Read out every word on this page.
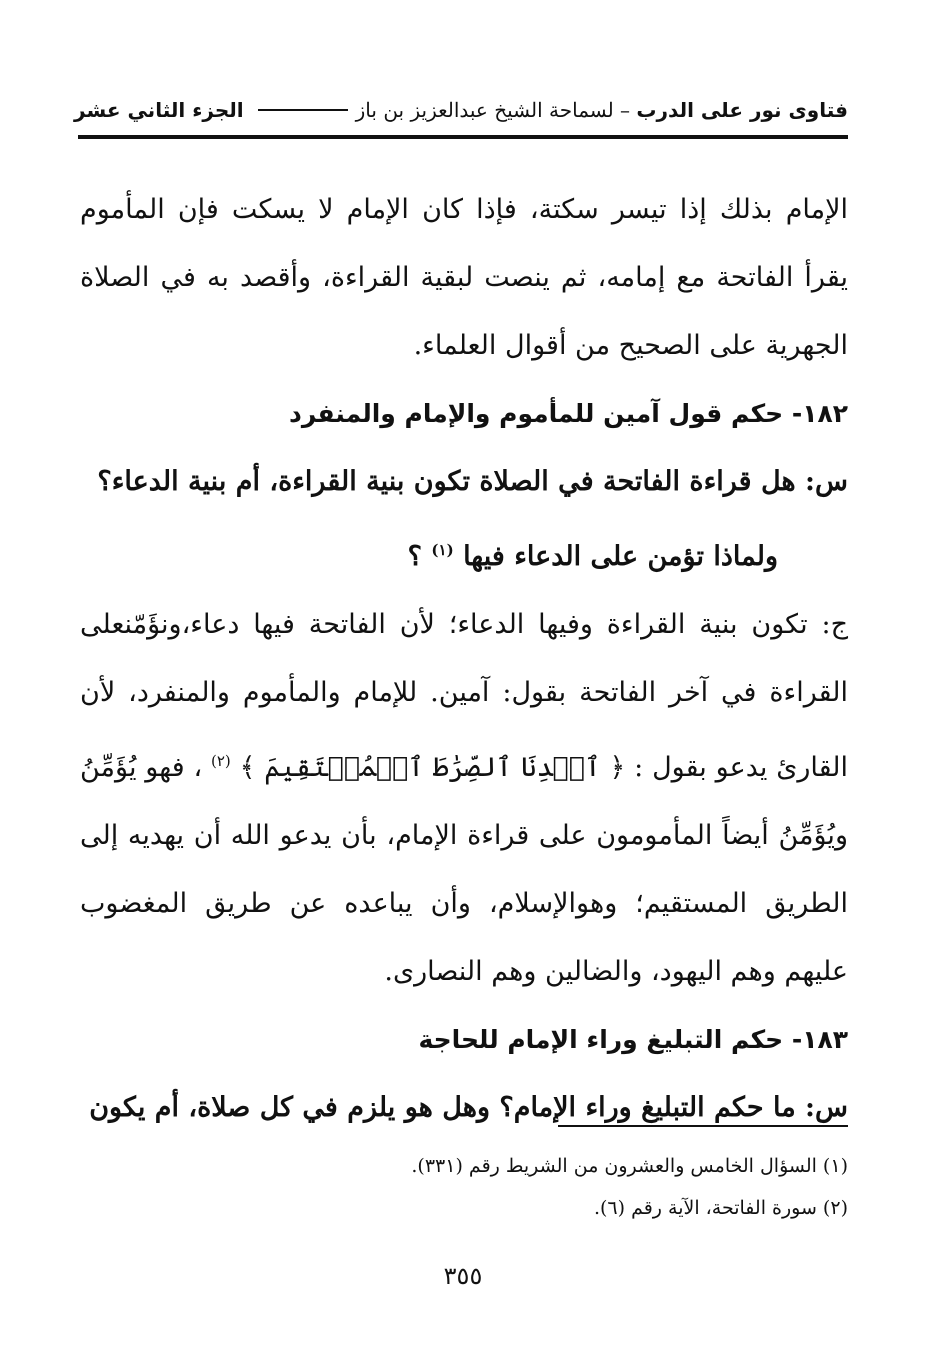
فتاوى نور على الدرب – لسماحة الشيخ عبدالعزيز بن باز
الجزء الثاني عشر

الإمام بذلك إذا تيسر سكتة، فإذا كان الإمام لا يسكت فإن المأموم يقرأ الفاتحة مع إمامه، ثم ينصت لبقية القراءة، وأقصد به في الصلاة الجهرية على الصحيح من أقوال العلماء.

١٨٢- حكم قول آمين للمأموم والإمام والمنفرد

س: هل قراءة الفاتحة في الصلاة تكون بنية القراءة، أم بنية الدعاء؟
ولماذا تؤمن على الدعاء فيها $^{(١)}$ ؟

ج: تكون بنية القراءة وفيها الدعاء؛ لأن الفاتحة فيها دعاء،ونؤَمّنعلى القراءة في آخر الفاتحة بقول: آمين. للإمام والمأموم والمنفرد، لأن القارئ يدعو بقول : ﴿ ٱهۡدِنَا ٱلصِّرَٰطَ ٱلۡمُسۡتَقِيمَ ﴾ $^{(٢)}$ ، فهو يُؤَمِّنُ ويُؤَمِّنُ أيضاً المأمومون على قراءة الإمام، بأن يدعو الله أن يهديه إلى الطريق المستقيم؛ وهوالإسلام، وأن يباعده عن طريق المغضوب عليهم وهم اليهود، والضالين وهم النصارى.

١٨٣- حكم التبليغ وراء الإمام للحاجة

س: ما حكم التبليغ وراء الإمام؟ وهل هو يلزم في كل صلاة، أم يكون

(١) السؤال الخامس والعشرون من الشريط رقم (٣٣١).

(٢) سورة الفاتحة، الآية رقم (٦).

٣٥٥
